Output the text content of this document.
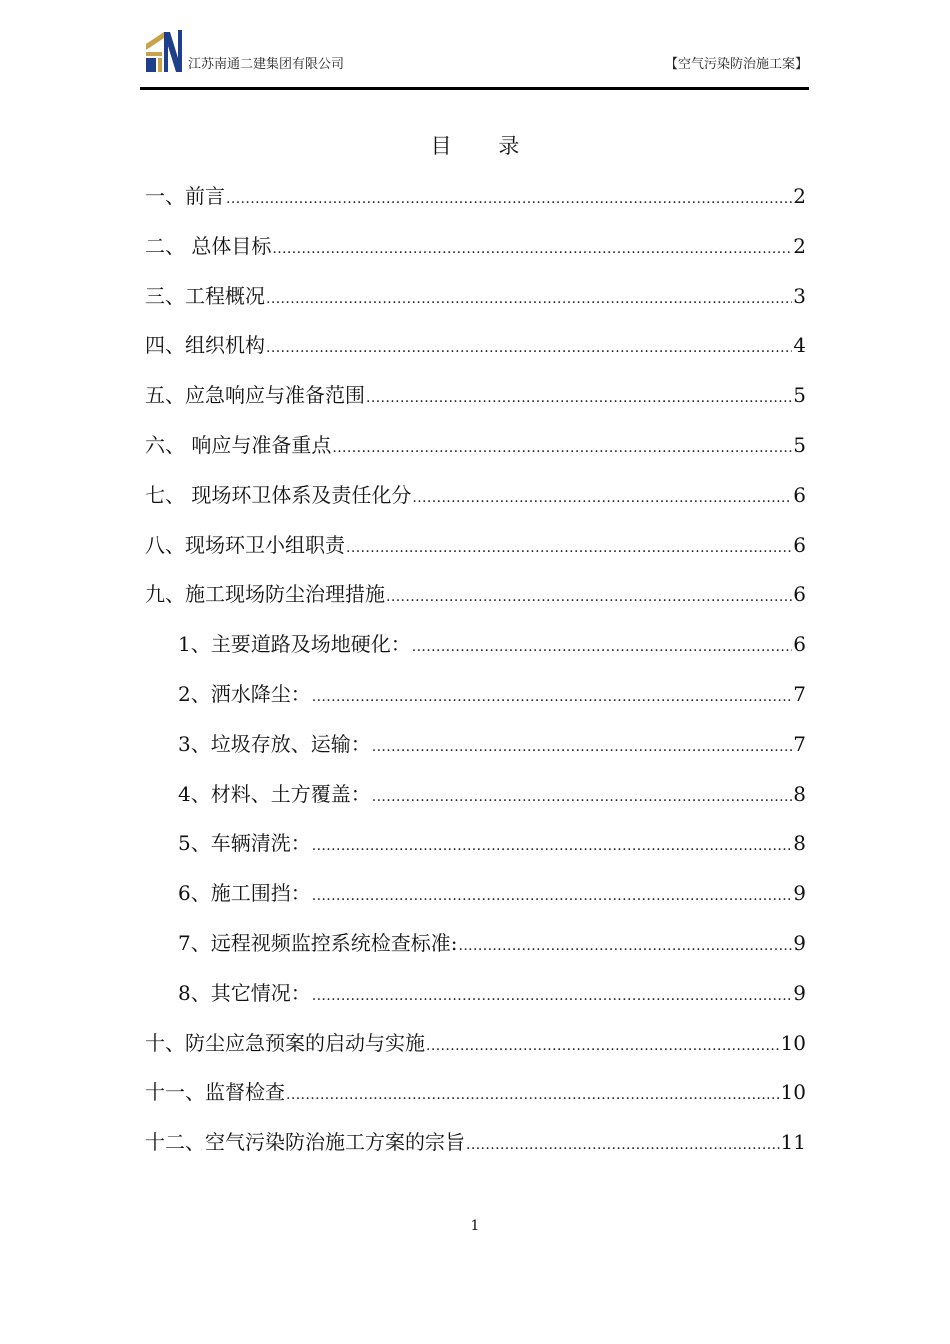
江苏南通二建集团有限公司	【空气污染防治施工案】
目 录
一、前言 .....	2
二、 总体目标 .....	2
三、工程概况 .....	3
四、组织机构 .....	4
五、应急响应与准备范围 .....	5
六、 响应与准备重点 .....	5
七、 现场环卫体系及责任化分 .....	6
八、现场环卫小组职责 .....	6
九、施工现场防尘治理措施 .....	6
1、主要道路及场地硬化： .....	6
2、洒水降尘： .....	7
3、垃圾存放、运输： .....	7
4、材料、土方覆盖： .....	8
5、车辆清洗： .....	8
6、施工围挡： .....	9
7、远程视频监控系统检查标准: .....	9
8、其它情况： .....	9
十、防尘应急预案的启动与实施 .....	10
十一、监督检查 .....	10
十二、空气污染防治施工方案的宗旨 .....	11
1
